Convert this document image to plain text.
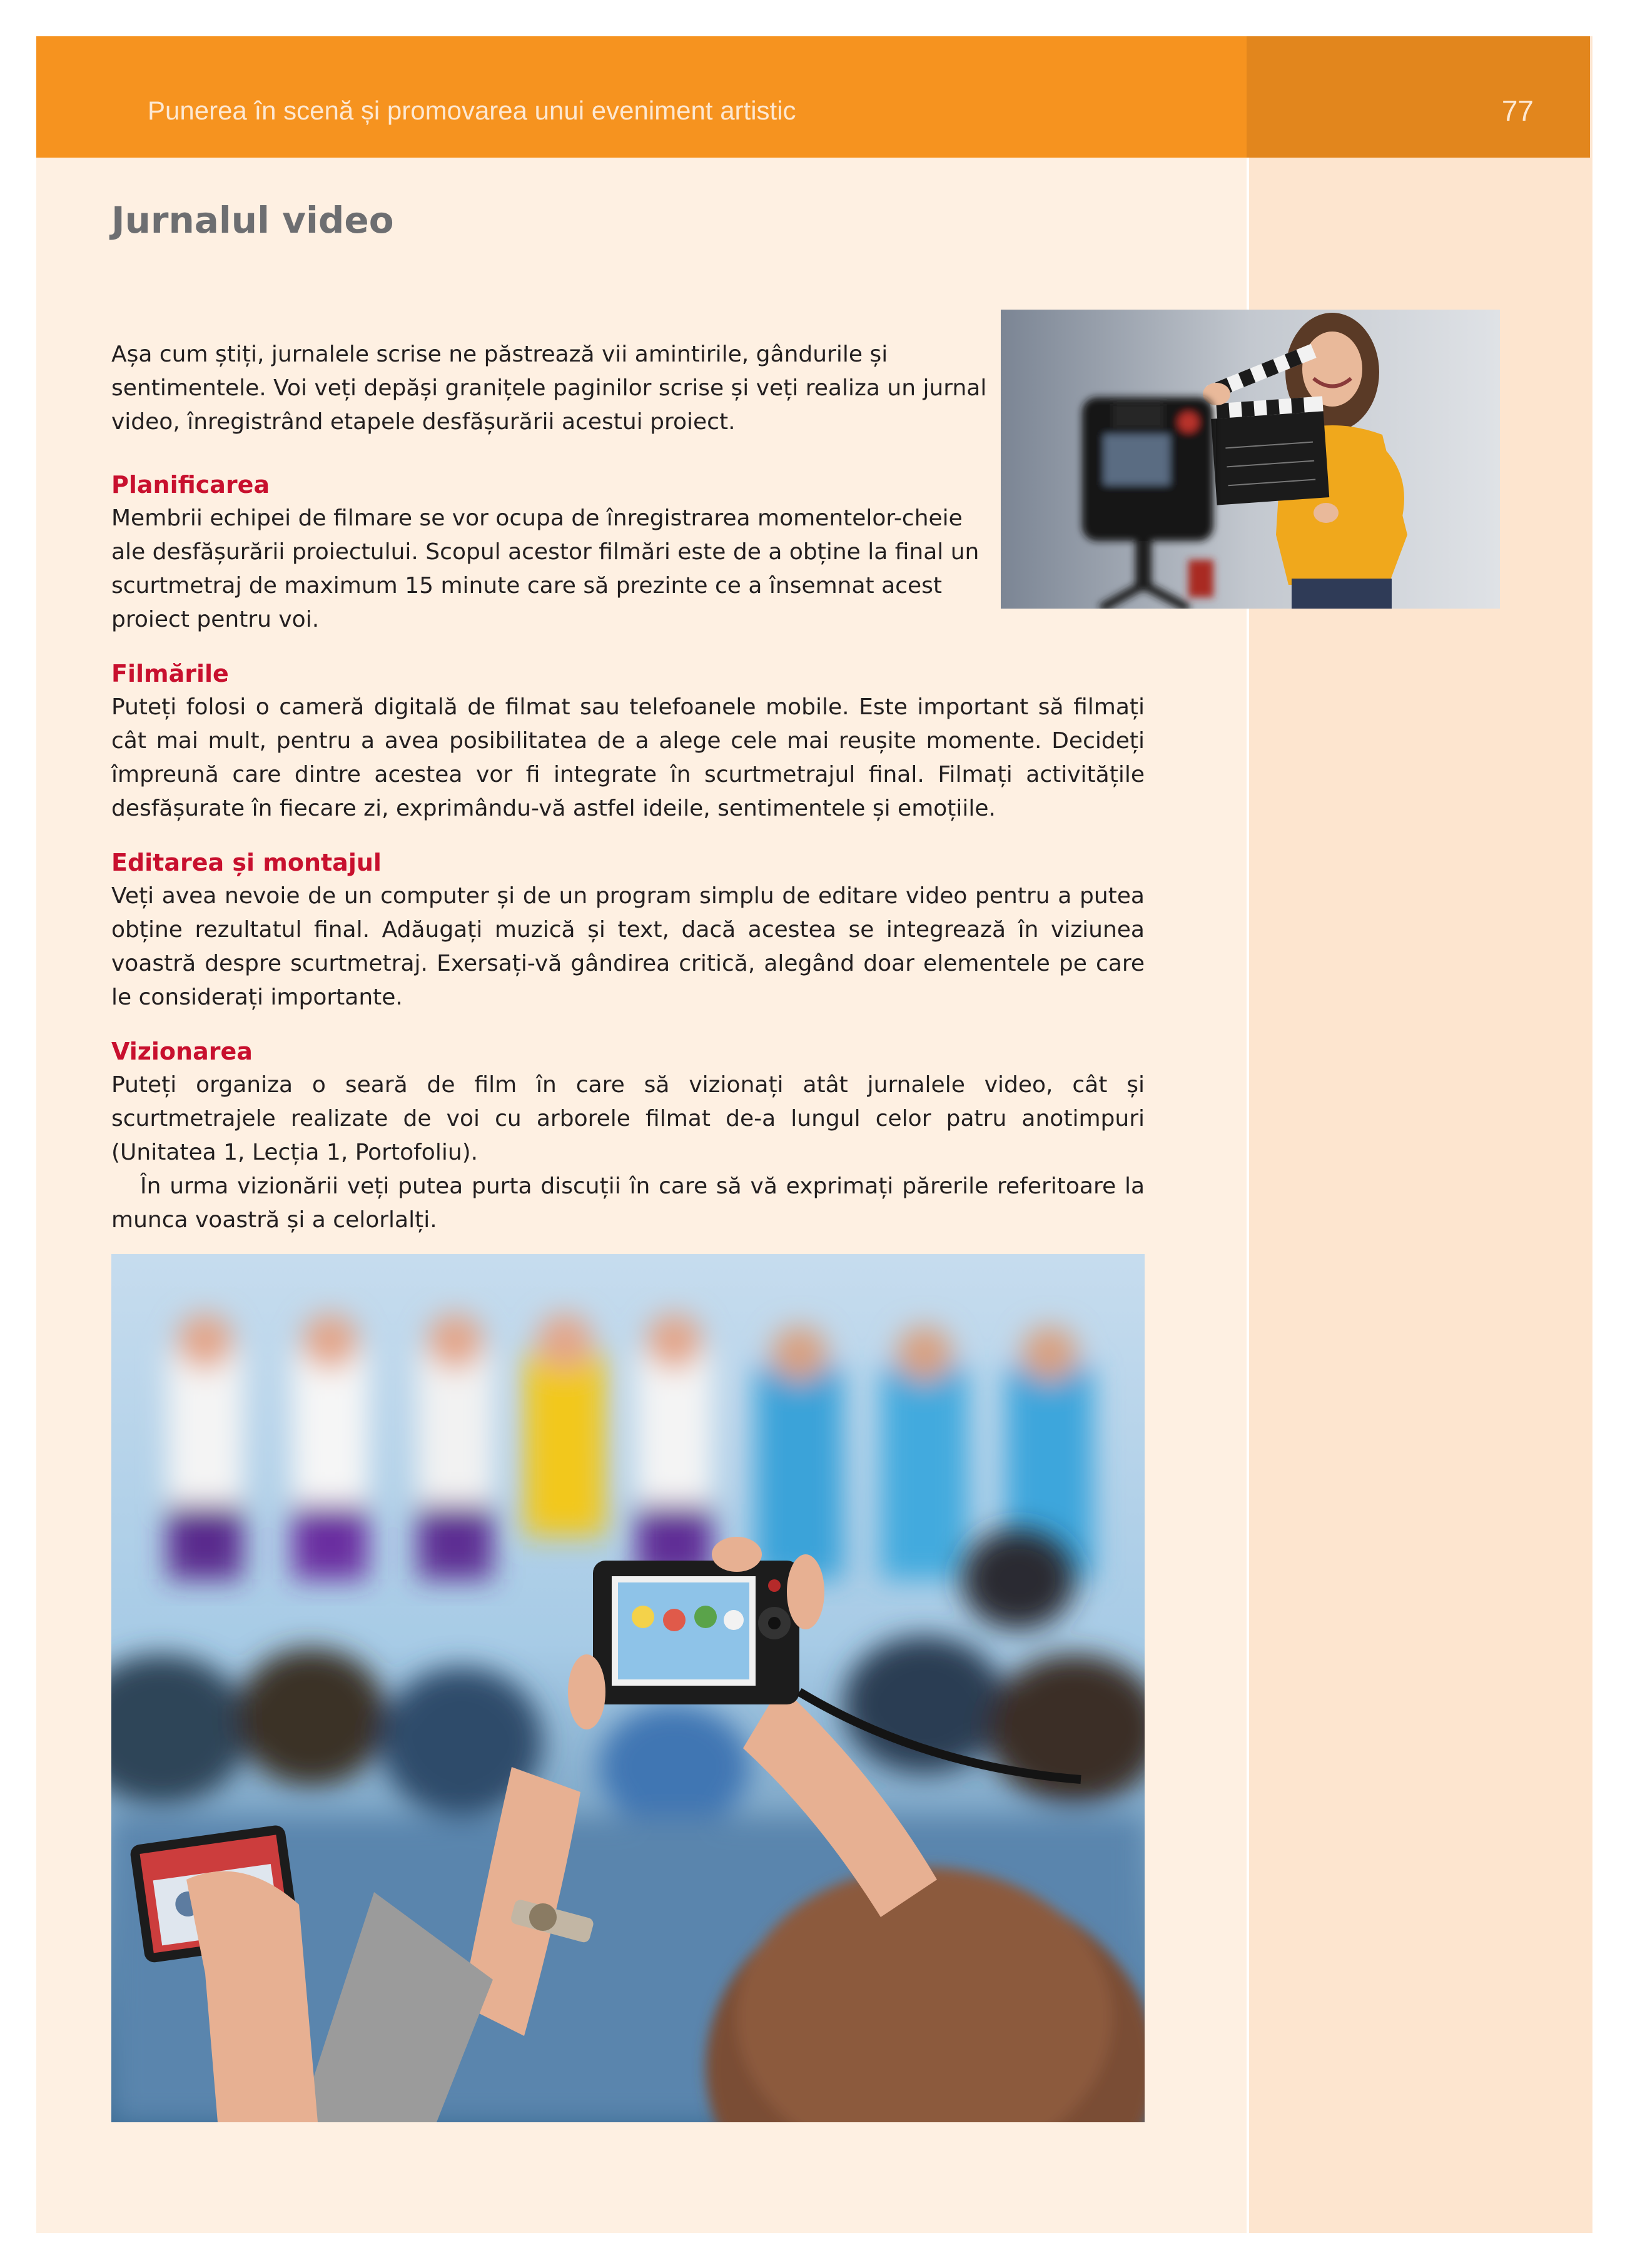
Punerea în scenă și promovarea unui eveniment artistic	77
Jurnalul video

Așa cum știți, jurnalele scrise ne păstrează vii amintirile, gândurile și sentimentele. Voi veți depăși granițele paginilor scrise și veți realiza un jurnal video, înregistrând etapele desfășurării acestui proiect.

Planificarea

Membrii echipei de filmare se vor ocupa de înregistrarea momentelor-cheie ale desfășurării proiectului. Scopul acestor filmări este de a obține la final un scurtmetraj de maximum 15 minute care să prezinte ce a însemnat acest proiect pentru voi.

Filmările

Puteți folosi o cameră digitală de filmat sau telefoanele mobile. Este important să filmați cât mai mult, pentru a avea posibilitatea de a alege cele mai reușite momente. Decideți împreună care dintre acestea vor fi integrate în scurtmetrajul final. Filmați activitățile desfășurate în fiecare zi, exprimându-vă astfel ideile, sentimentele și emoțiile.

Editarea și montajul

Veți avea nevoie de un computer și de un program simplu de editare video pentru a putea obține rezultatul final. Adăugați muzică și text, dacă acestea se integrează în viziunea voastră despre scurtmetraj. Exersați-vă gândirea critică, alegând doar elementele pe care le considerați importante.

Vizionarea

Puteți organiza o seară de film în care să vizionați atât jurnalele video, cât și scurtmetrajele realizate de voi cu arborele filmat de-a lungul celor patru anotimpuri (Unitatea 1, Lecția 1, Portofoliu).

În urma vizionării veți putea purta discuții în care să vă exprimați părerile referitoare la munca voastră și a celorlalți.
